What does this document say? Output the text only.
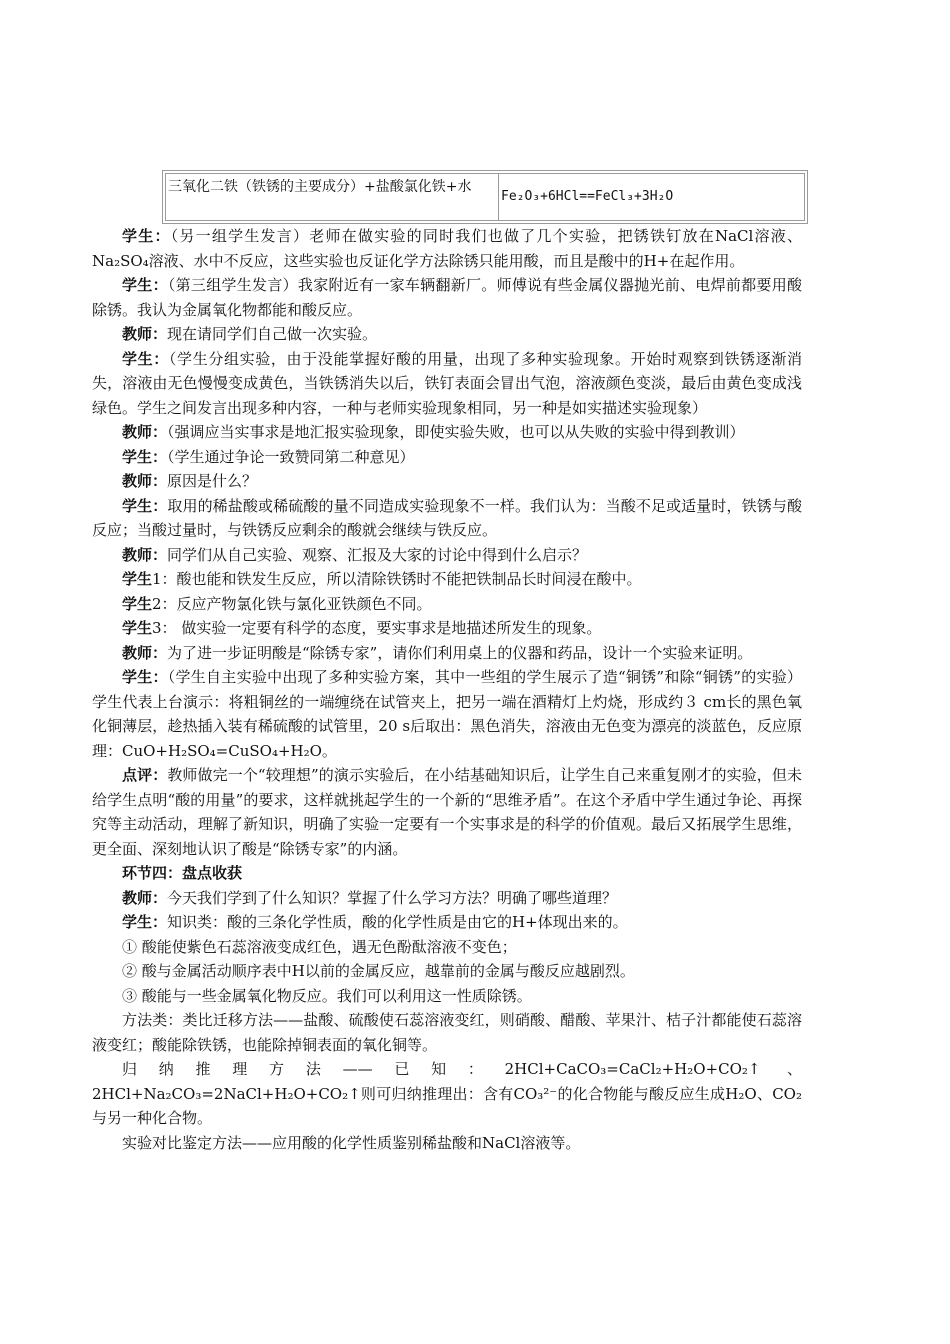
三氧化二铁（铁锈的主要成分）+盐酸氯化铁+水
Fe₂O₃+6HCl==FeCl₃+3H₂O

学生：（另一组学生发言）老师在做实验的同时我们也做了几个实验，把锈铁钉放在NaCl溶液、Na₂SO₄溶液、水中不反应，这些实验也反证化学方法除锈只能用酸，而且是酸中的H+在起作用。

学生：（第三组学生发言）我家附近有一家车辆翻新厂。师傅说有些金属仪器抛光前、电焊前都要用酸除锈。我认为金属氧化物都能和酸反应。

教师：现在请同学们自己做一次实验。

学生：（学生分组实验，由于没能掌握好酸的用量，出现了多种实验现象。开始时观察到铁锈逐渐消失，溶液由无色慢慢变成黄色，当铁锈消失以后，铁钉表面会冒出气泡，溶液颜色变淡，最后由黄色变成浅绿色。学生之间发言出现多种内容，一种与老师实验现象相同，另一种是如实描述实验现象）

教师：（强调应当实事求是地汇报实验现象，即使实验失败，也可以从失败的实验中得到教训）

学生：（学生通过争论一致赞同第二种意见）

教师：原因是什么？

学生：取用的稀盐酸或稀硫酸的量不同造成实验现象不一样。我们认为：当酸不足或适量时，铁锈与酸反应；当酸过量时，与铁锈反应剩余的酸就会继续与铁反应。

教师：同学们从自己实验、观察、汇报及大家的讨论中得到什么启示？

学生1：酸也能和铁发生反应，所以清除铁锈时不能把铁制品长时间浸在酸中。

学生2：反应产物氯化铁与氯化亚铁颜色不同。

学生3： 做实验一定要有科学的态度，要实事求是地描述所发生的现象。

教师：为了进一步证明酸是“除锈专家”，请你们利用桌上的仪器和药品，设计一个实验来证明。

学生：（学生自主实验中出现了多种实验方案，其中一些组的学生展示了造“铜锈”和除“铜锈”的实验）学生代表上台演示：将粗铜丝的一端缠绕在试管夹上，把另一端在酒精灯上灼烧，形成约３ cm长的黑色氧化铜薄层，趁热插入装有稀硫酸的试管里，20 s后取出：黑色消失，溶液由无色变为漂亮的淡蓝色，反应原理：CuO+H₂SO₄=CuSO₄+H₂O。

点评：教师做完一个“较理想”的演示实验后，在小结基础知识后，让学生自己来重复刚才的实验，但未给学生点明“酸的用量”的要求，这样就挑起学生的一个新的“思维矛盾”。在这个矛盾中学生通过争论、再探究等主动活动，理解了新知识，明确了实验一定要有一个实事求是的科学的价值观。最后又拓展学生思维，更全面、深刻地认识了酸是“除锈专家”的内涵。

环节四：盘点收获

教师：今天我们学到了什么知识？掌握了什么学习方法？明确了哪些道理？

学生：知识类：酸的三条化学性质，酸的化学性质是由它的H+体现出来的。

① 酸能使紫色石蕊溶液变成红色，遇无色酚酞溶液不变色；

② 酸与金属活动顺序表中H以前的金属反应，越靠前的金属与酸反应越剧烈。

③ 酸能与一些金属氧化物反应。我们可以利用这一性质除锈。

方法类：类比迁移方法——盐酸、硫酸使石蕊溶液变红，则硝酸、醋酸、苹果汁、桔子汁都能使石蕊溶液变红；酸能除铁锈，也能除掉铜表面的氧化铜等。

归纳推理方法——已知：2HCl+CaCO₃=CaCl₂+H₂O+CO₂↑ 、 2HCl+Na₂CO₃=2NaCl+H₂O+CO₂↑则可归纳推理出：含有CO₃²⁻的化合物能与酸反应生成H₂O、CO₂与另一种化合物。

实验对比鉴定方法——应用酸的化学性质鉴别稀盐酸和NaCl溶液等。
